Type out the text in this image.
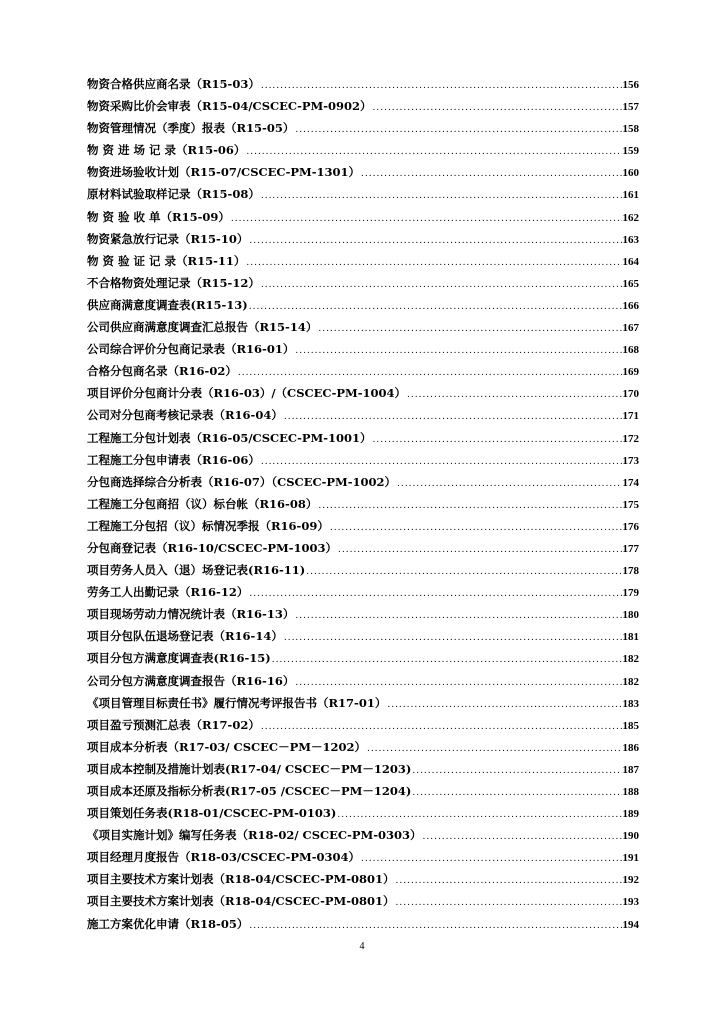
物资合格供应商名录（R15-03） .....	156
物资采购比价会审表（R15-04/CSCEC-PM-0902） .....	157
物资管理情况（季度）报表（R15-05） .....	158
物 资 进 场 记 录（R15-06） .....	159
物资进场验收计划（R15-07/CSCEC-PM-1301） .....	160
原材料试验取样记录（R15-08） .....	161
物 资 验 收 单（R15-09） .....	162
物资紧急放行记录（R15-10） .....	163
物 资 验 证 记 录（R15-11） .....	164
不合格物资处理记录（R15-12） .....	165
供应商满意度调查表(R15-13) .....	166
公司供应商满意度调查汇总报告（R15-14） .....	167
公司综合评价分包商记录表（R16-01） .....	168
合格分包商名录（R16-02） .....	169
项目评价分包商计分表（R16-03）/（CSCEC-PM-1004） .....	170
公司对分包商考核记录表（R16-04） .....	171
工程施工分包计划表（R16-05/CSCEC-PM-1001） .....	172
工程施工分包申请表（R16-06） .....	173
分包商选择综合分析表（R16-07）（CSCEC-PM-1002） .....	174
工程施工分包商招（议）标台帐（R16-08） .....	175
工程施工分包招（议）标情况季报（R16-09） .....	176
分包商登记表（R16-10/CSCEC-PM-1003） .....	177
项目劳务人员入（退）场登记表(R16-11) .....	178
劳务工人出勤记录（R16-12） .....	179
项目现场劳动力情况统计表（R16-13） .....	180
项目分包队伍退场登记表（R16-14） .....	181
项目分包方满意度调查表(R16-15) .....	182
公司分包方满意度调查报告（R16-16） .....	182
《项目管理目标责任书》履行情况考评报告书（R17-01） .....	183
项目盈亏预测汇总表（R17-02） .....	185
项目成本分析表（R17-03/ CSCEC－PM－1202） .....	186
项目成本控制及措施计划表(R17-04/ CSCEC－PM－1203) .....	187
项目成本还原及指标分析表(R17-05 /CSCEC－PM－1204) .....	188
项目策划任务表(R18-01/CSCEC-PM-0103) .....	189
《项目实施计划》编写任务表（R18-02/ CSCEC-PM-0303） .....	190
项目经理月度报告（R18-03/CSCEC-PM-0304） .....	191
项目主要技术方案计划表（R18-04/CSCEC-PM-0801） .....	192
项目主要技术方案计划表（R18-04/CSCEC-PM-0801） .....	193
施工方案优化申请（R18-05） .....	194
4
